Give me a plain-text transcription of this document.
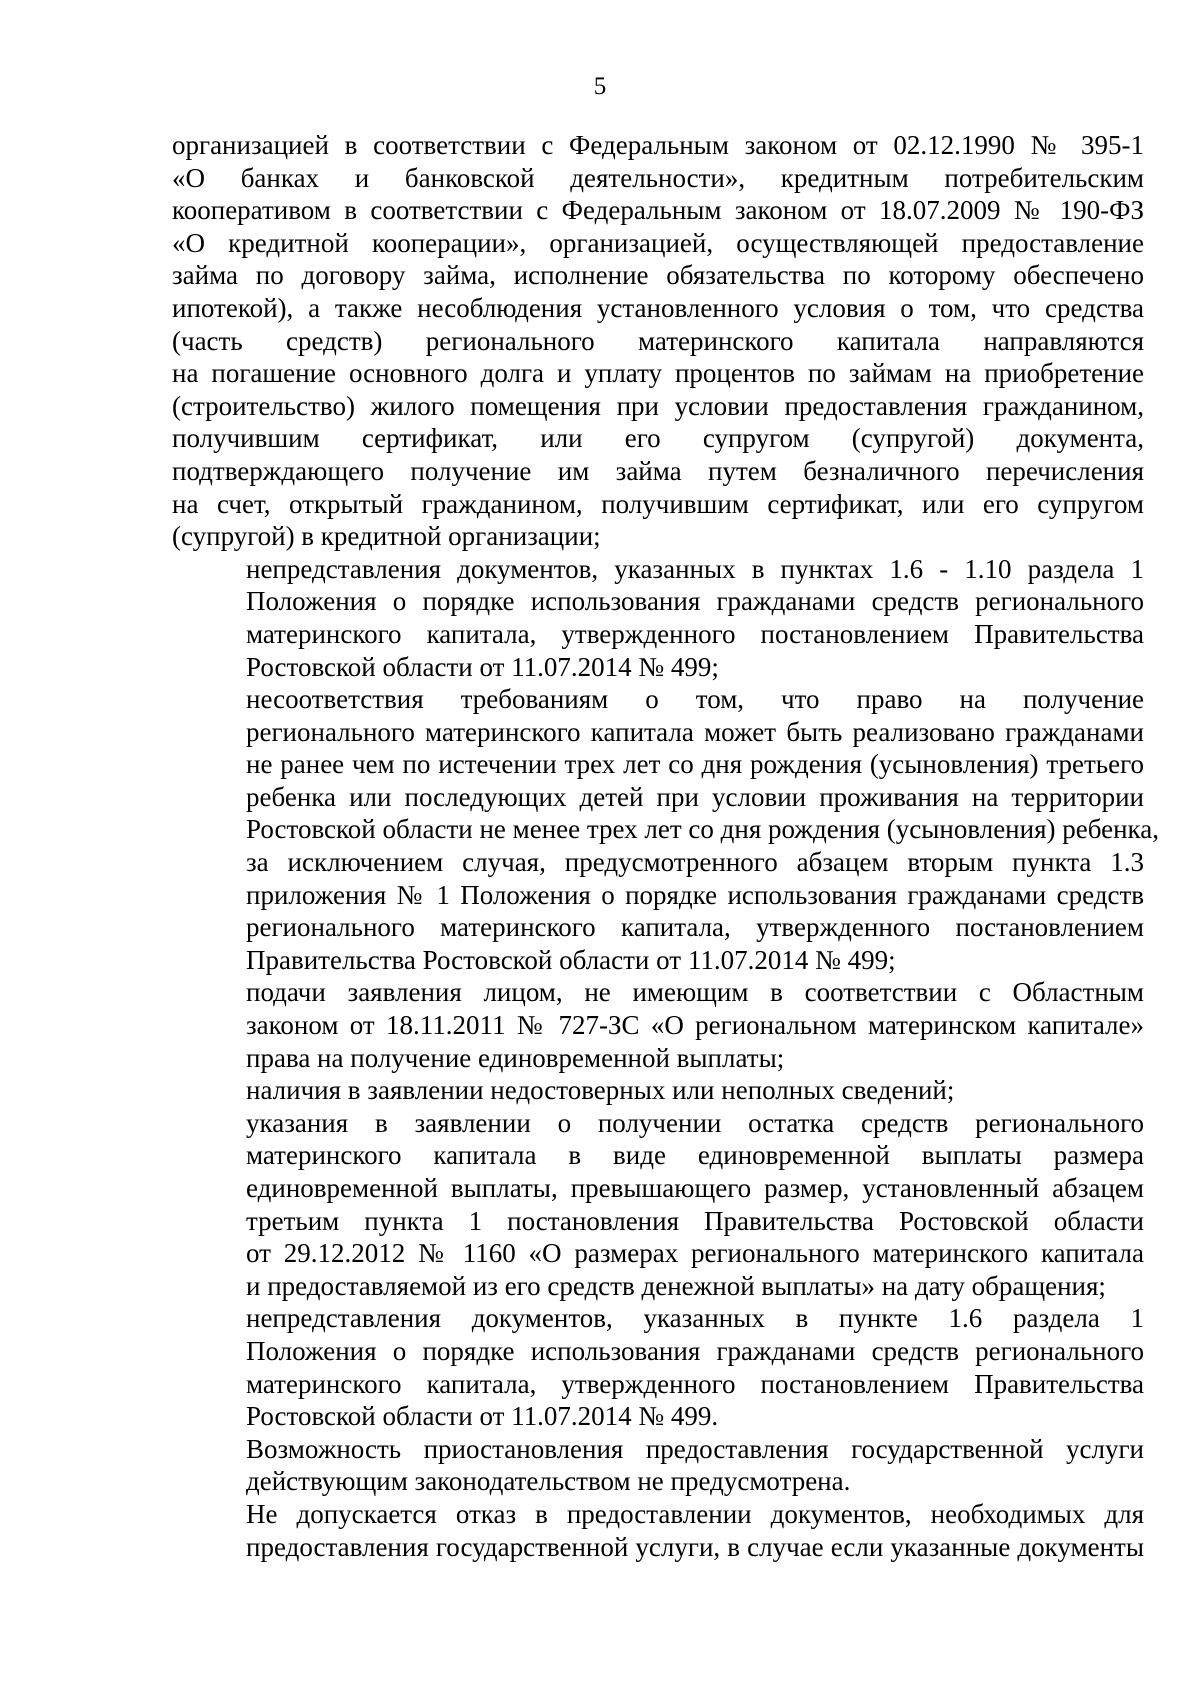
5
организацией в соответствии с Федеральным законом от 02.12.1990 № 395-1
«О банках и банковской деятельности», кредитным потребительским
кооперативом в соответствии с Федеральным законом от 18.07.2009 № 190-ФЗ
«О кредитной кооперации», организацией, осуществляющей предоставление
займа по договору займа, исполнение обязательства по которому обеспечено
ипотекой), а также несоблюдения установленного условия о том, что средства
(часть средств) регионального материнского капитала направляются
на погашение основного долга и уплату процентов по займам на приобретение
(строительство) жилого помещения при условии предоставления гражданином,
получившим сертификат, или его супругом (супругой) документа,
подтверждающего получение им займа путем безналичного перечисления
на счет, открытый гражданином, получившим сертификат, или его супругом
(супругой) в кредитной организации;
непредставления документов, указанных в пунктах 1.6 - 1.10 раздела 1
Положения о порядке использования гражданами средств регионального
материнского капитала, утвержденного постановлением Правительства
Ростовской области от 11.07.2014 № 499;
несоответствия требованиям о том, что право на получение
регионального материнского капитала может быть реализовано гражданами
не ранее чем по истечении трех лет со дня рождения (усыновления) третьего
ребенка или последующих детей при условии проживания на территории
Ростовской области не менее трех лет со дня рождения (усыновления) ребенка,
за исключением случая, предусмотренного абзацем вторым пункта 1.3
приложения № 1 Положения о порядке использования гражданами средств
регионального материнского капитала, утвержденного постановлением
Правительства Ростовской области от 11.07.2014 № 499;
подачи заявления лицом, не имеющим в соответствии с Областным
законом от 18.11.2011 № 727-ЗС «О региональном материнском капитале»
права на получение единовременной выплаты;
наличия в заявлении недостоверных или неполных сведений;
указания в заявлении о получении остатка средств регионального
материнского капитала в виде единовременной выплаты размера
единовременной выплаты, превышающего размер, установленный абзацем
третьим пункта 1 постановления Правительства Ростовской области
от 29.12.2012 № 1160 «О размерах регионального материнского капитала
и предоставляемой из его средств денежной выплаты» на дату обращения;
непредставления документов, указанных в пункте 1.6 раздела 1
Положения о порядке использования гражданами средств регионального
материнского капитала, утвержденного постановлением Правительства
Ростовской области от 11.07.2014 № 499.
Возможность приостановления предоставления государственной услуги
действующим законодательством не предусмотрена.
Не допускается отказ в предоставлении документов, необходимых для
предоставления государственной услуги, в случае если указанные документы
